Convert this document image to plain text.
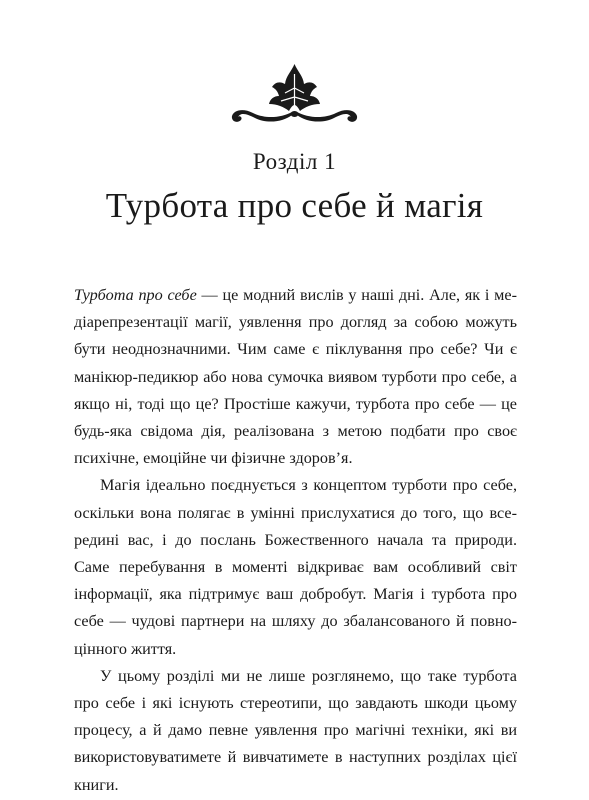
Розділ 1
Турбота про себе й магія

Турбота про себе — це модний вислів у наші дні. Але, як і медіарепрезентації магії, уявлення про догляд за собою можуть бути неоднозначними. Чим саме є піклування про себе? Чи є манікюр-педикюр або нова сумочка виявом турботи про себе, а якщо ні, тоді що це? Простіше кажучи, турбота про себе — це будь-яка свідома дія, реалізована з метою подбати про своє психічне, емоційне чи фізичне здоров’я.

Магія ідеально поєднується з концептом турботи про себе, оскільки вона полягає в умінні прислухатися до того, що всередині вас, і до послань Божественного начала та природи. Саме перебування в моменті відкриває вам особливий світ інформації, яка підтримує ваш добробут. Магія і турбота про себе — чудові партнери на шляху до збалансованого й повноцінного життя.

У цьому розділі ми не лише розглянемо, що таке турбота про себе і які існують стереотипи, що завдають шкоди цьому процесу, а й дамо певне уявлення про магічні техніки, які ви використовуватимете й вивчатимете в наступних розділах цієї книги.
